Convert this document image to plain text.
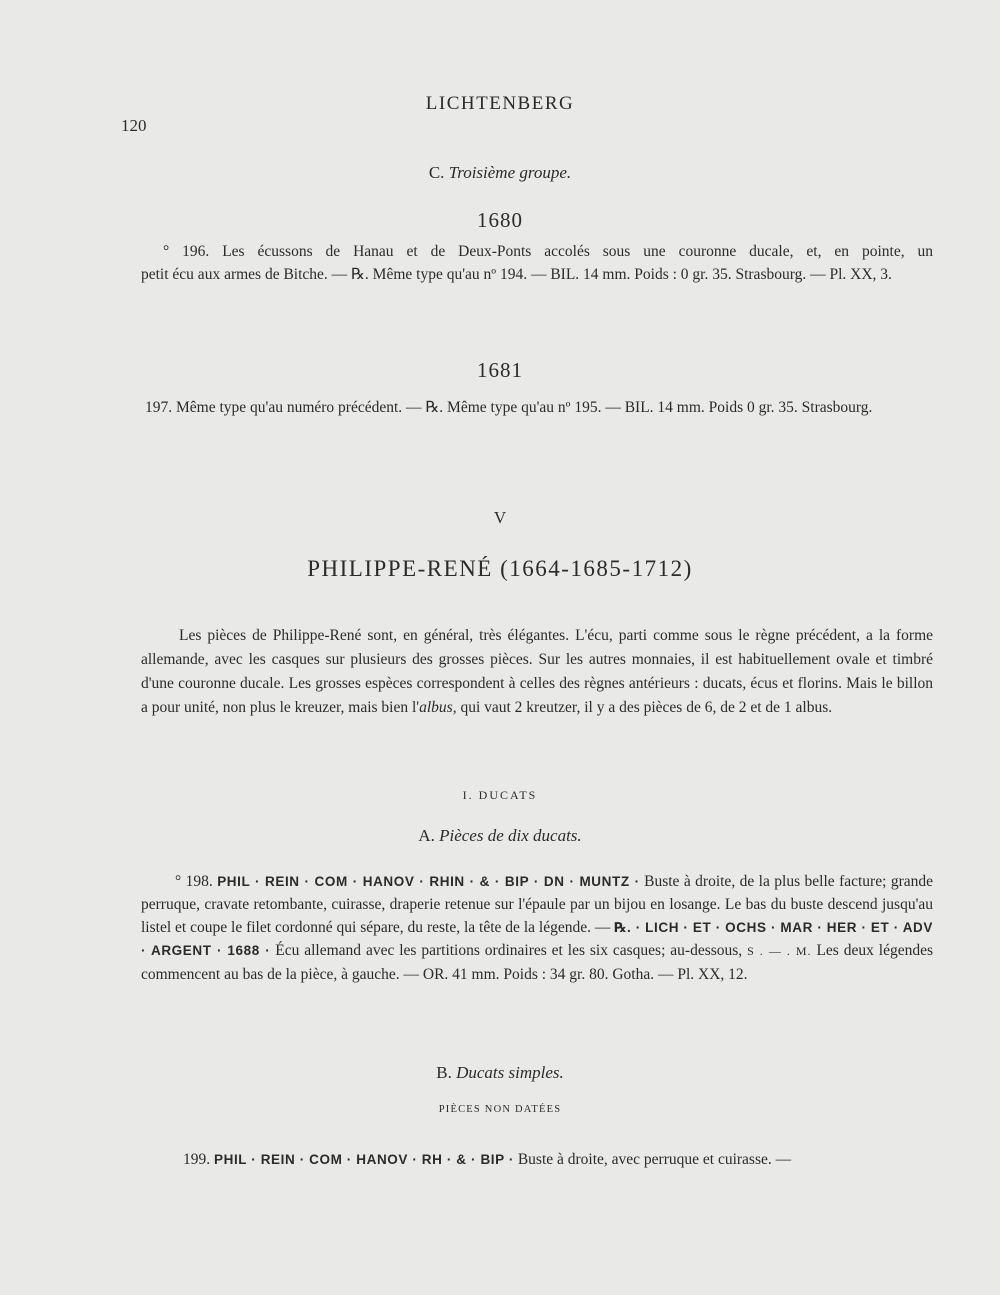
LICHTENBERG
120
C. Troisième groupe.
1680
° 196. Les écussons de Hanau et de Deux-Ponts accolés sous une couronne ducale, et, en pointe, un
petit écu aux armes de Bitche. — ℞. Même type qu'au nº 194. — BIL. 14 mm. Poids : 0 gr. 35. Strasbourg. — Pl. XX, 3.
1681
197. Même type qu'au numéro précédent. — ℞. Même type qu'au nº 195. — BIL. 14 mm. Poids 0 gr. 35. Strasbourg.
V
PHILIPPE-RENÉ (1664-1685-1712)
Les pièces de Philippe-René sont, en général, très élégantes. L'écu, parti comme sous le règne précédent, a la forme allemande, avec les casques sur plusieurs des grosses pièces. Sur les autres monnaies, il est habituellement ovale et timbré d'une couronne ducale. Les grosses espèces correspondent à celles des règnes antérieurs : ducats, écus et florins. Mais le billon a pour unité, non plus le kreuzer, mais bien l'albus, qui vaut 2 kreutzer, il y a des pièces de 6, de 2 et de 1 albus.
I. DUCATS
A. Pièces de dix ducats.
° 198. PHIL · REIN · COM · HANOV · RHIN · & · BIP · DN · MUNTZ · Buste à droite, de la plus belle facture; grande perruque, cravate retombante, cuirasse, draperie retenue sur l'épaule par un bijou en losange. Le bas du buste descend jusqu'au listel et coupe le filet cordonné qui sépare, du reste, la tête de la légende. — ℞. · LICH · ET · OCHS · MAR · HER · ET · ADV · ARGENT · 1688 · Écu allemand avec les partitions ordinaires et les six casques; au-dessous, S . — . M. Les deux légendes commencent au bas de la pièce, à gauche. — OR. 41 mm. Poids : 34 gr. 80. Gotha. — Pl. XX, 12.
B. Ducats simples.
PIÈCES NON DATÉES
199. PHIL · REIN · COM · HANOV · RH · & · BIP · Buste à droite, avec perruque et cuirasse. —
